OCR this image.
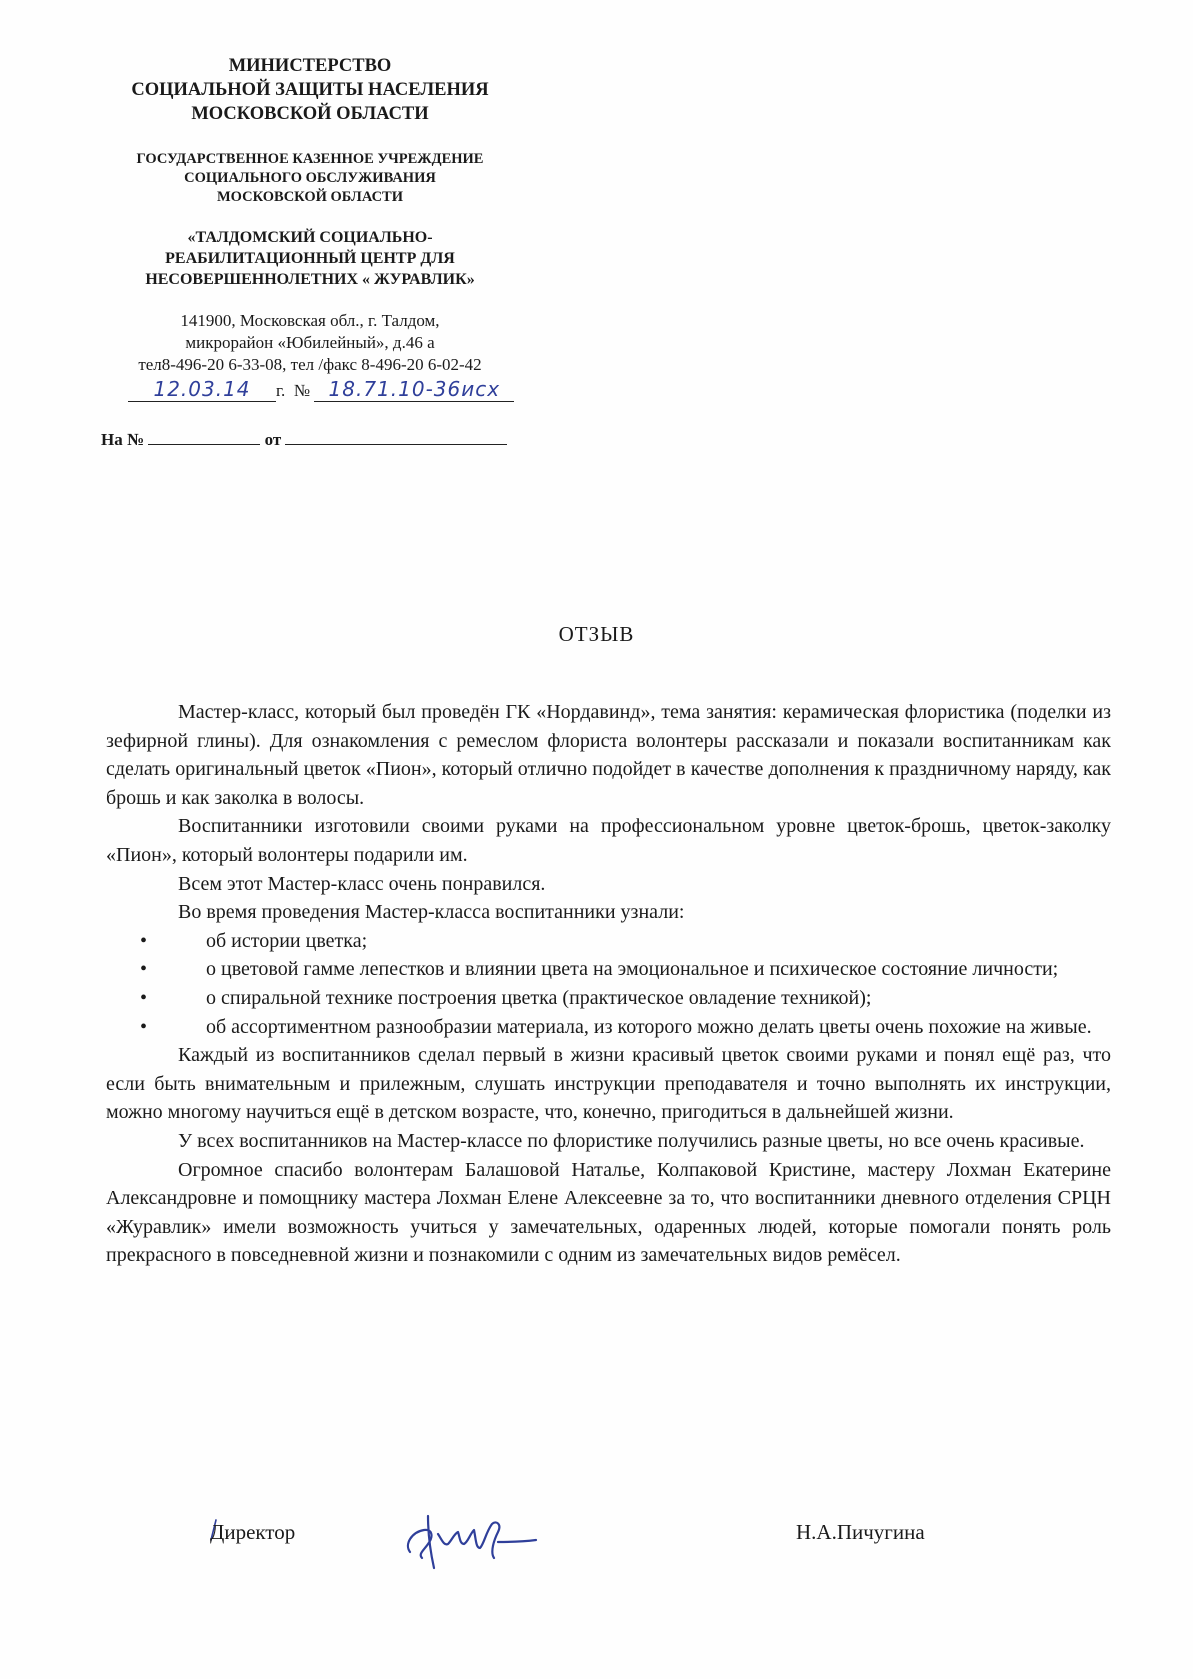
МИНИСТЕРСТВО
СОЦИАЛЬНОЙ ЗАЩИТЫ НАСЕЛЕНИЯ
МОСКОВСКОЙ ОБЛАСТИ
ГОСУДАРСТВЕННОЕ КАЗЕННОЕ УЧРЕЖДЕНИЕ
СОЦИАЛЬНОГО ОБСЛУЖИВАНИЯ
МОСКОВСКОЙ ОБЛАСТИ
«ТАЛДОМСКИЙ СОЦИАЛЬНО-
РЕАБИЛИТАЦИОННЫЙ ЦЕНТР ДЛЯ
НЕСОВЕРШЕННОЛЕТНИХ « ЖУРАВЛИК»
141900, Московская обл., г. Талдом,
микрорайон «Юбилейный», д.46 а
тел8-496-20 6-33-08, тел /факс 8-496-20 6-02-42
12.03.14 г. № 18.71.10-36исх
На №	от
ОТЗЫВ

Мастер-класс, который был проведён ГК «Нордавинд», тема занятия: керамическая флористика (поделки из зефирной глины). Для ознакомления с ремеслом флориста волонтеры рассказали и показали воспитанникам как сделать оригинальный цветок «Пион», который отлично подойдет в качестве дополнения к праздничному наряду, как брошь и как заколка в волосы.

Воспитанники изготовили своими руками на профессиональном уровне цветок-брошь, цветок-заколку «Пион», который волонтеры подарили им.

Всем этот Мастер-класс очень понравился.

Во время проведения Мастер-класса воспитанники узнали:

•	об истории цветка;
•	о цветовой гамме лепестков и влиянии цвета на эмоциональное и психическое состояние личности;
•	о спиральной технике построения цветка (практическое овладение техникой);
•	об ассортиментном разнообразии материала, из которого можно делать цветы очень похожие на живые.

Каждый из воспитанников сделал первый в жизни красивый цветок своими руками и понял ещё раз, что если быть внимательным и прилежным, слушать инструкции преподавателя и точно выполнять их инструкции, можно многому научиться ещё в детском возрасте, что, конечно, пригодиться в дальнейшей жизни.

У всех воспитанников на Мастер-классе по флористике получились разные цветы, но все очень красивые.

Огромное спасибо волонтерам Балашовой Наталье, Колпаковой Кристине, мастеру Лохман Екатерине Александровне и помощнику мастера Лохман Елене Алексеевне за то, что воспитанники дневного отделения СРЦН «Журавлик» имели возможность учиться у замечательных, одаренных людей, которые помогали понять роль прекрасного в повседневной жизни и познакомили с одним из замечательных видов ремёсел.

Директор	Н.А.Пичугина
